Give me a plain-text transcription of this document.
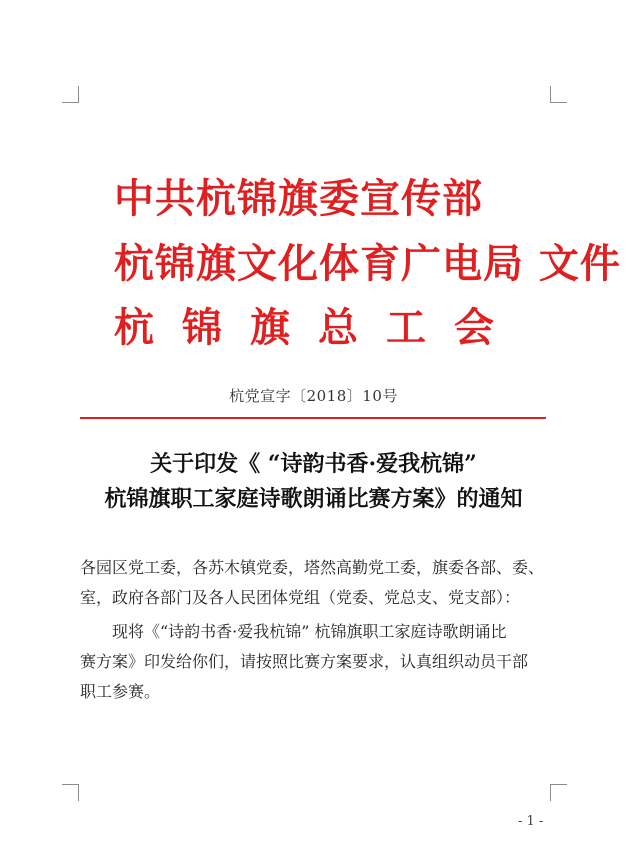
中共杭锦旗委宣传部
杭锦旗文化体育广电局 文件
杭锦旗总工会
杭党宣字〔2018〕10号
关于印发《 “诗韵书香·爱我杭锦”
杭锦旗职工家庭诗歌朗诵比赛方案》的通知
各园区党工委，各苏木镇党委，塔然高勤党工委，旗委各部、委、
室，政府各部门及各人民团体党组（党委、党总支、党支部）：
现将《“诗韵书香·爱我杭锦” 杭锦旗职工家庭诗歌朗诵比
赛方案》印发给你们，请按照比赛方案要求，认真组织动员干部
职工参赛。
- 1 -
